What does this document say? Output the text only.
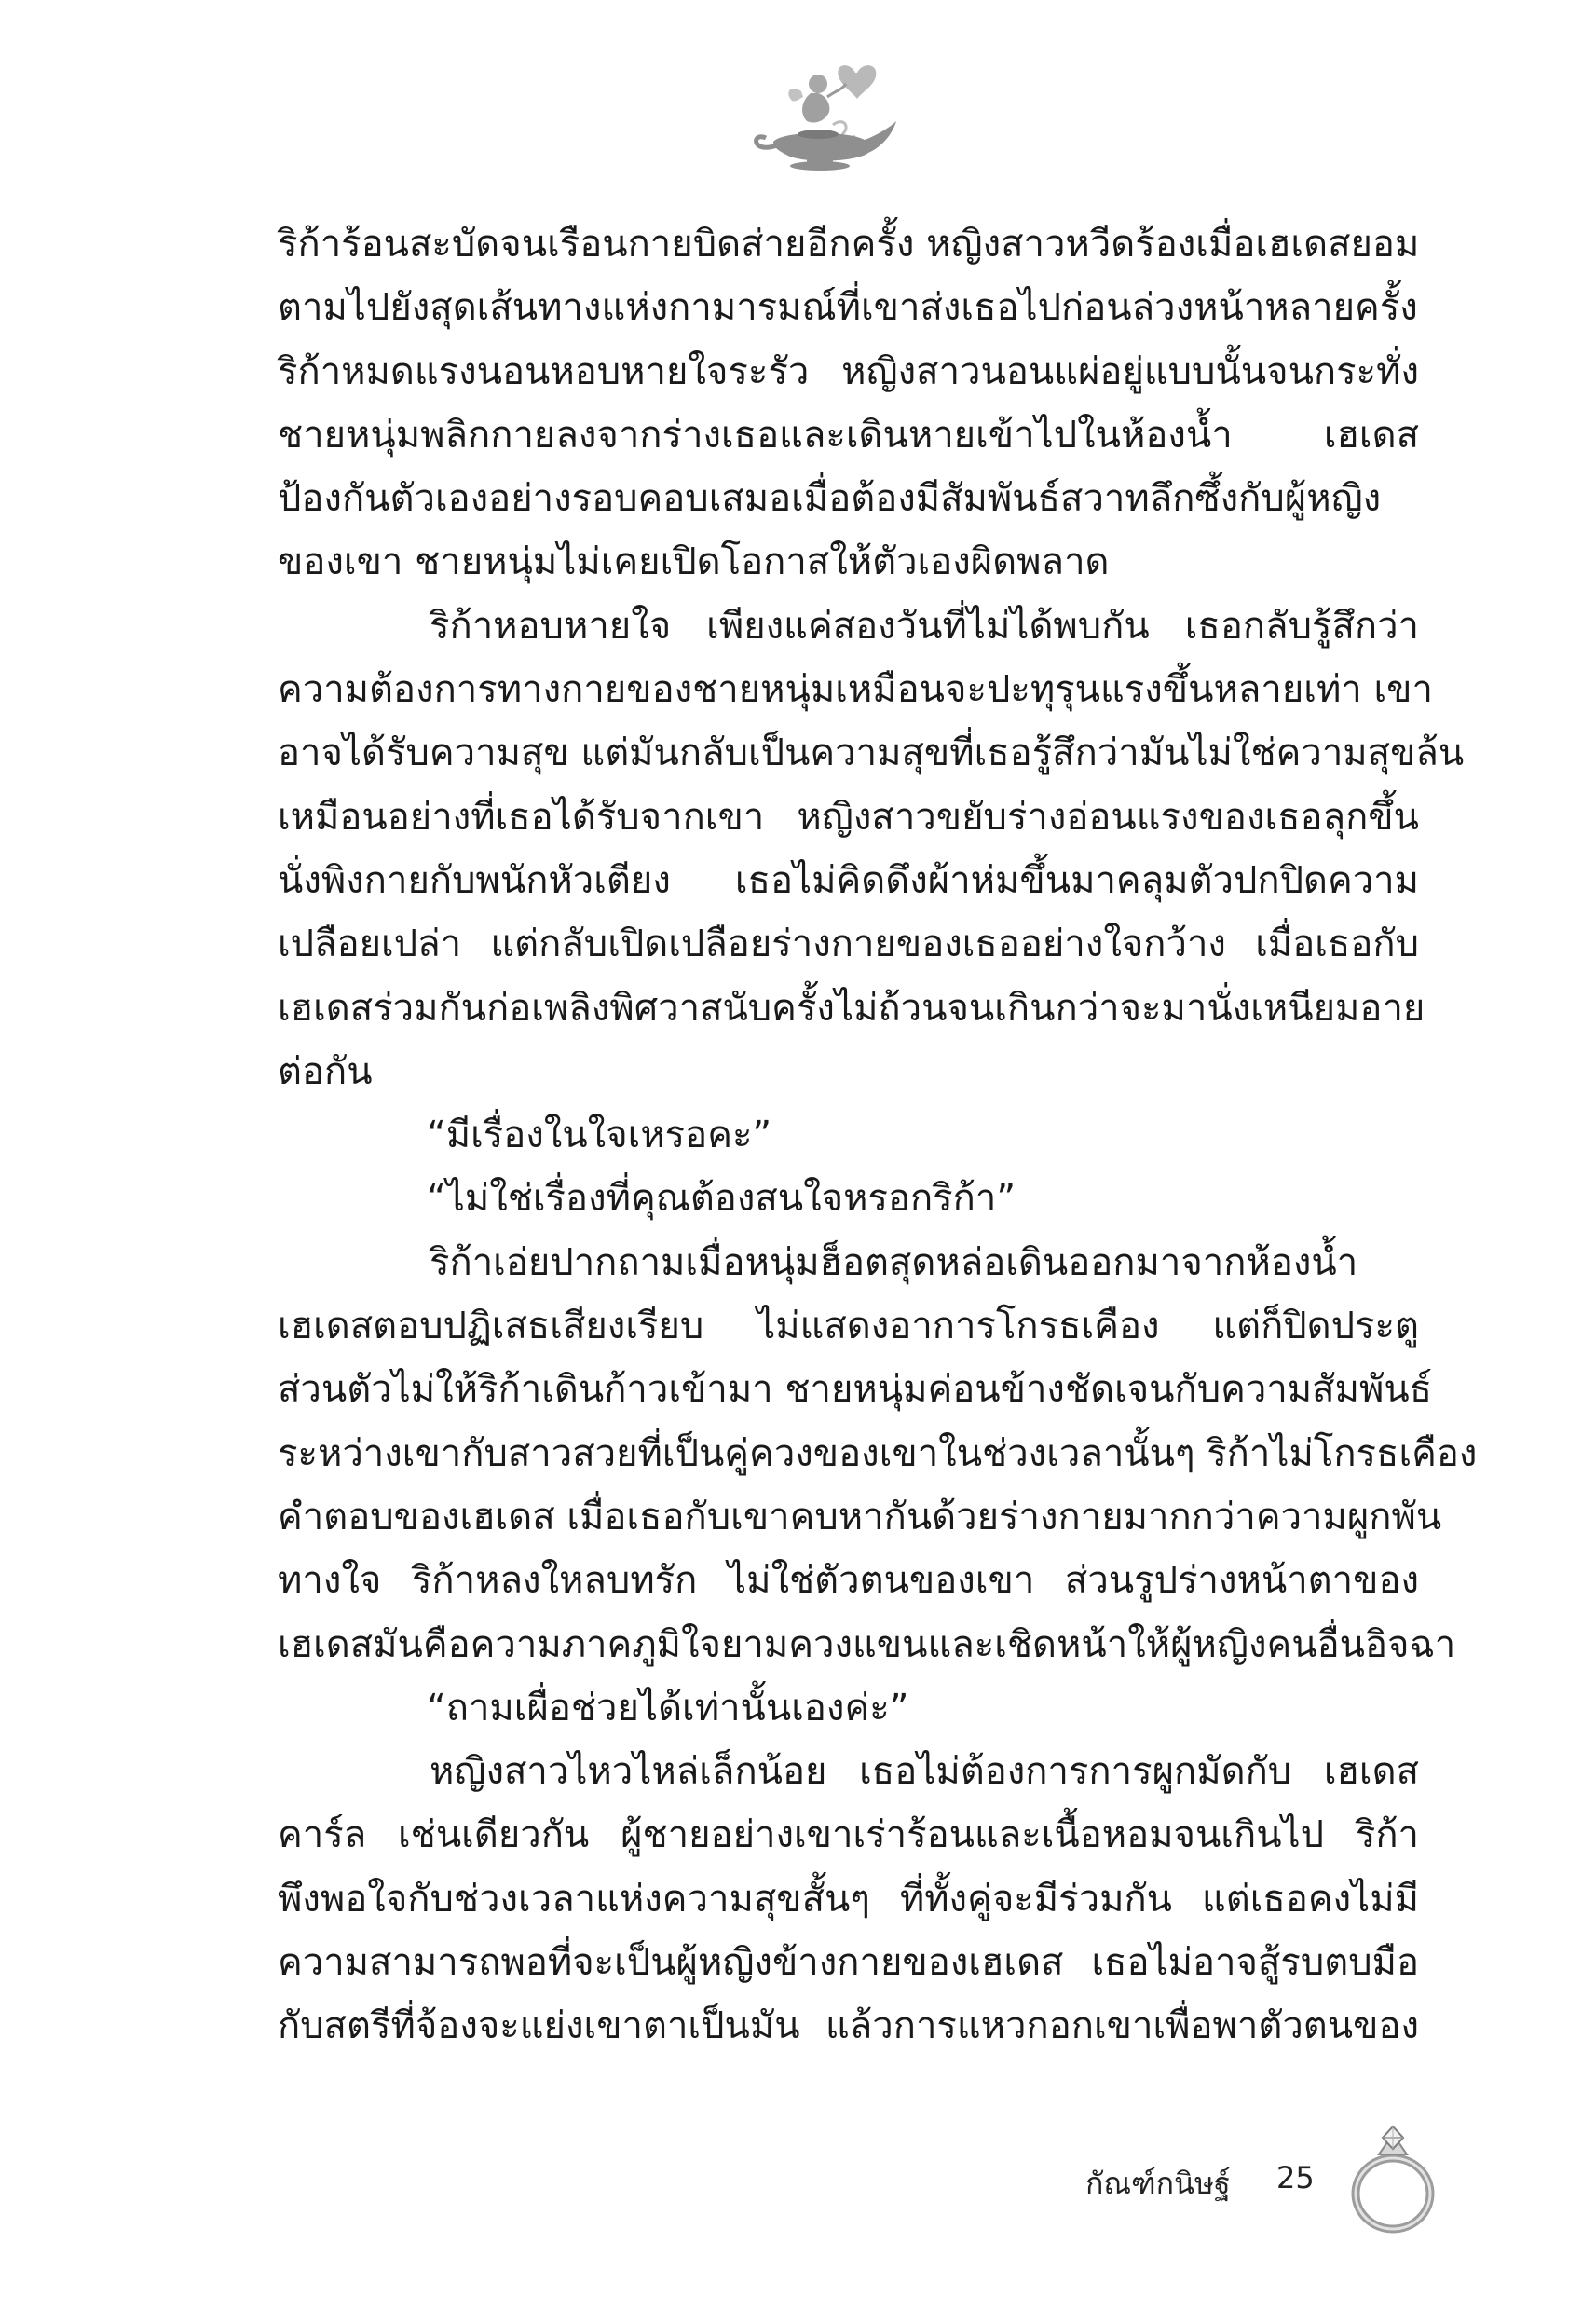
ริก้าร้อนสะบัดจนเรือนกายบิดส่ายอีกครั้ง หญิงสาวหวีดร้องเมื่อเฮเดสยอม
ตามไปยังสุดเส้นทางแห่งกามารมณ์ที่เขาส่งเธอไปก่อนล่วงหน้าหลายครั้ง
ริก้าหมดแรงนอนหอบหายใจระรัว หญิงสาวนอนแผ่อยู่แบบนั้นจนกระทั่ง
ชายหนุ่มพลิกกายลงจากร่างเธอและเดินหายเข้าไปในห้องน้ำ เฮเดส
ป้องกันตัวเองอย่างรอบคอบเสมอเมื่อต้องมีสัมพันธ์สวาทลึกซึ้งกับผู้หญิง
ของเขา ชายหนุ่มไม่เคยเปิดโอกาสให้ตัวเองผิดพลาด
ริก้าหอบหายใจ เพียงแค่สองวันที่ไม่ได้พบกัน เธอกลับรู้สึกว่า
ความต้องการทางกายของชายหนุ่มเหมือนจะปะทุรุนแรงขึ้นหลายเท่า เขา
อาจได้รับความสุข แต่มันกลับเป็นความสุขที่เธอรู้สึกว่ามันไม่ใช่ความสุขล้น
เหมือนอย่างที่เธอได้รับจากเขา หญิงสาวขยับร่างอ่อนแรงของเธอลุกขึ้น
นั่งพิงกายกับพนักหัวเตียง เธอไม่คิดดึงผ้าห่มขึ้นมาคลุมตัวปกปิดความ
เปลือยเปล่า แต่กลับเปิดเปลือยร่างกายของเธออย่างใจกว้าง เมื่อเธอกับ
เฮเดสร่วมกันก่อเพลิงพิศวาสนับครั้งไม่ถ้วนจนเกินกว่าจะมานั่งเหนียมอาย
ต่อกัน
“มีเรื่องในใจเหรอคะ”
“ไม่ใช่เรื่องที่คุณต้องสนใจหรอกริก้า”
ริก้าเอ่ยปากถามเมื่อหนุ่มฮ็อตสุดหล่อเดินออกมาจากห้องน้ำ
เฮเดสตอบปฏิเสธเสียงเรียบ ไม่แสดงอาการโกรธเคือง แต่ก็ปิดประตู
ส่วนตัวไม่ให้ริก้าเดินก้าวเข้ามา ชายหนุ่มค่อนข้างชัดเจนกับความสัมพันธ์
ระหว่างเขากับสาวสวยที่เป็นคู่ควงของเขาในช่วงเวลานั้นๆ ริก้าไม่โกรธเคือง
คำตอบของเฮเดส เมื่อเธอกับเขาคบหากันด้วยร่างกายมากกว่าความผูกพัน
ทางใจ ริก้าหลงใหลบทรัก ไม่ใช่ตัวตนของเขา ส่วนรูปร่างหน้าตาของ
เฮเดสมันคือความภาคภูมิใจยามควงแขนและเชิดหน้าให้ผู้หญิงคนอื่นอิจฉา
“ถามเผื่อช่วยได้เท่านั้นเองค่ะ”
หญิงสาวไหวไหล่เล็กน้อย เธอไม่ต้องการการผูกมัดกับ เฮเดส
คาร์ล เช่นเดียวกัน ผู้ชายอย่างเขาเร่าร้อนและเนื้อหอมจนเกินไป ริก้า
พึงพอใจกับช่วงเวลาแห่งความสุขสั้นๆ ที่ทั้งคู่จะมีร่วมกัน แต่เธอคงไม่มี
ความสามารถพอที่จะเป็นผู้หญิงข้างกายของเฮเดส เธอไม่อาจสู้รบตบมือ
กับสตรีที่จ้องจะแย่งเขาตาเป็นมัน แล้วการแหวกอกเขาเพื่อพาตัวตนของ
กัณฑ์กนิษฐ์ 25
